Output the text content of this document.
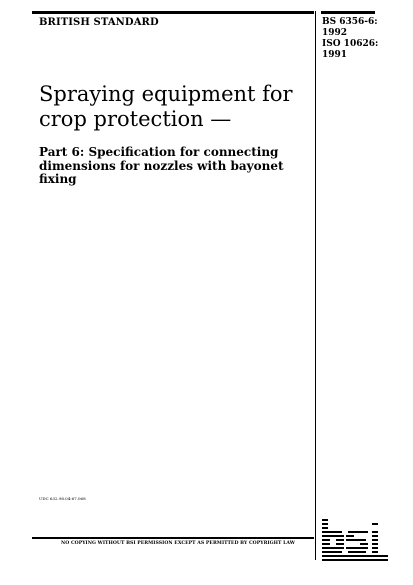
BRITISH STANDARD	BS 6356-6:
1992
ISO 10626:
1991
Spraying equipment for crop protection —
Part 6: Specification for connecting dimensions for nozzles with bayonet fixing
UDC 632.98.04:67.068
NO COPYING WITHOUT BSI PERMISSION EXCEPT AS PERMITTED BY COPYRIGHT LAW
